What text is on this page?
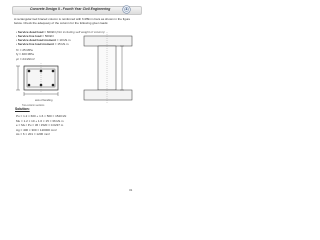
Concrete Design II - Fourth Year Civil Engineering
A rectangular tied braced column is reinforced with 6 Ø8mm bars as shown in the figure below. Check the adequacy of the column for the following given loads:
• Service dead load = 600kN (Not including self weight of column)
• Service live load = 500kN
• Service dead load moment = 10 kN.m
• Service live load moment = 15 kN.m
f'c = 25 MPa
fy = 400 MPa
γc = 24 kN/m³
axis of bending
Two-column sections
Solution:
Pu = 1.2 × 600 + 1.6 × 500 = 1520 kN
Mu = 1.2 × 10 + 1.6 × 15 = 36 kN.m
e = Mu / Pu = 36 / 1520 = 0.0237 m
Ag = 400 × 300 = 120000 mm²
As = 6 × 201 = 1206 mm²
31
